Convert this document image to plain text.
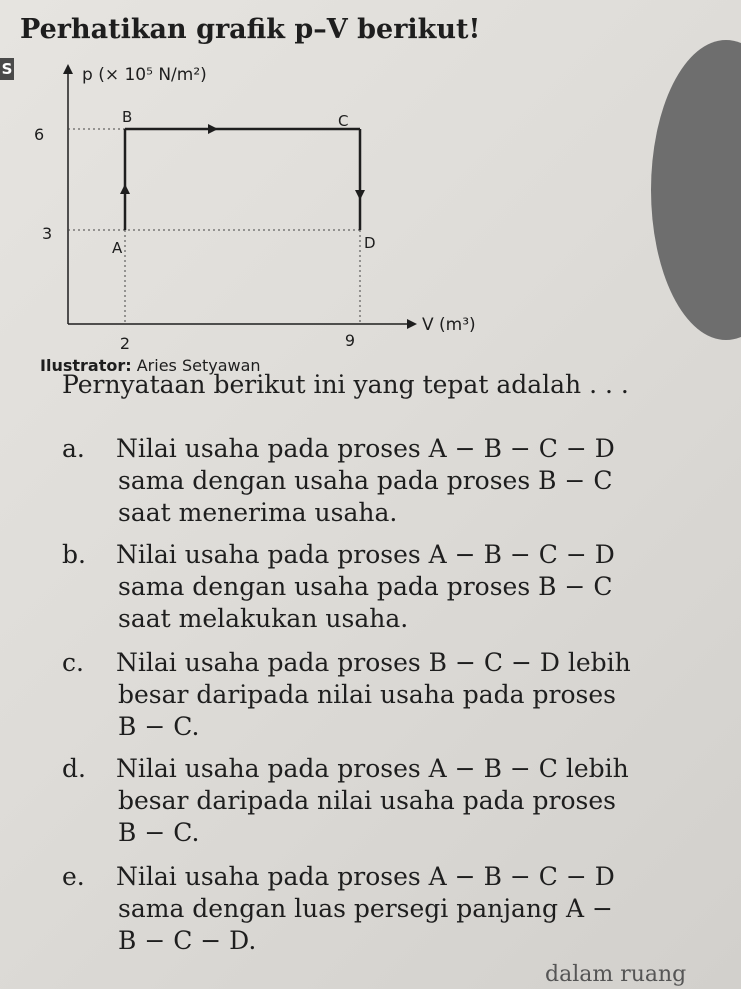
S
Perhatikan grafik p–V berikut!
p (× 10⁵ N/m²)
V (m³)
6
3
2	9
A
B	C
D
Ilustrator: Aries Setyawan
Pernyataan berikut ini yang tepat adalah . . .
a. Nilai usaha pada proses A − B − C − D
sama dengan usaha pada proses B − C
saat menerima usaha.
b. Nilai usaha pada proses A − B − C − D
sama dengan usaha pada proses B − C
saat melakukan usaha.
c. Nilai usaha pada proses B − C − D lebih
besar daripada nilai usaha pada proses
B − C.
d. Nilai usaha pada proses A − B − C lebih
besar daripada nilai usaha pada proses
B − C.
e. Nilai usaha pada proses A − B − C − D
sama dengan luas persegi panjang A −
B − C − D.
dalam ruang
